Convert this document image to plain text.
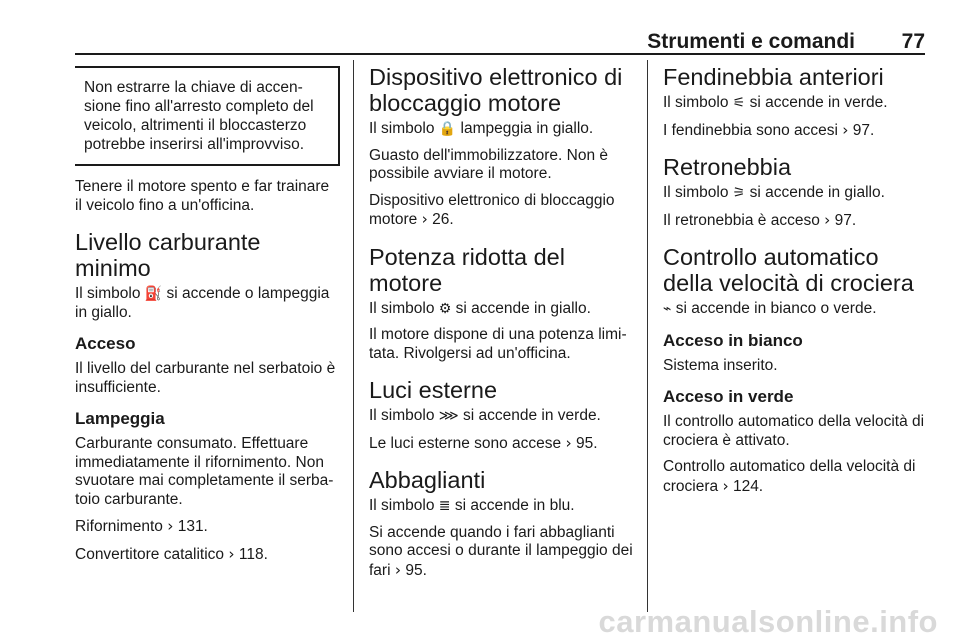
Strumenti e comandi 77
Non estrarre la chiave di accensione fino all'arresto completo del veicolo, altrimenti il bloccasterzo potrebbe inserirsi all'improvviso.

Tenere il motore spento e far trainare il veicolo fino a un'officina.

Livello carburante minimo

Il simbolo ⛽ si accende o lampeggia in giallo.

Acceso

Il livello del carburante nel serbatoio è insufficiente.

Lampeggia

Carburante consumato. Effettuare immediatamente il rifornimento. Non svuotare mai completamente il serbatoio carburante.

Rifornimento › 131.

Convertitore catalitico › 118.

Dispositivo elettronico di bloccaggio motore

Il simbolo 🔒 lampeggia in giallo.

Guasto dell'immobilizzatore. Non è possibile avviare il motore.

Dispositivo elettronico di bloccaggio motore › 26.

Potenza ridotta del motore

Il simbolo ⚙ si accende in giallo.

Il motore dispone di una potenza limitata. Rivolgersi ad un'officina.

Luci esterne

Il simbolo ⋙ si accende in verde.

Le luci esterne sono accese › 95.

Abbaglianti

Il simbolo ≣ si accende in blu.

Si accende quando i fari abbaglianti sono accesi o durante il lampeggio dei fari › 95.

Fendinebbia anteriori

Il simbolo ⚟ si accende in verde.

I fendinebbia sono accesi › 97.

Retronebbia

Il simbolo ⚞ si accende in giallo.

Il retronebbia è acceso › 97.

Controllo automatico della velocità di crociera

⌁ si accende in bianco o verde.

Acceso in bianco

Sistema inserito.

Acceso in verde

Il controllo automatico della velocità di crociera è attivato.

Controllo automatico della velocità di crociera › 124.

carmanualsonline.info
